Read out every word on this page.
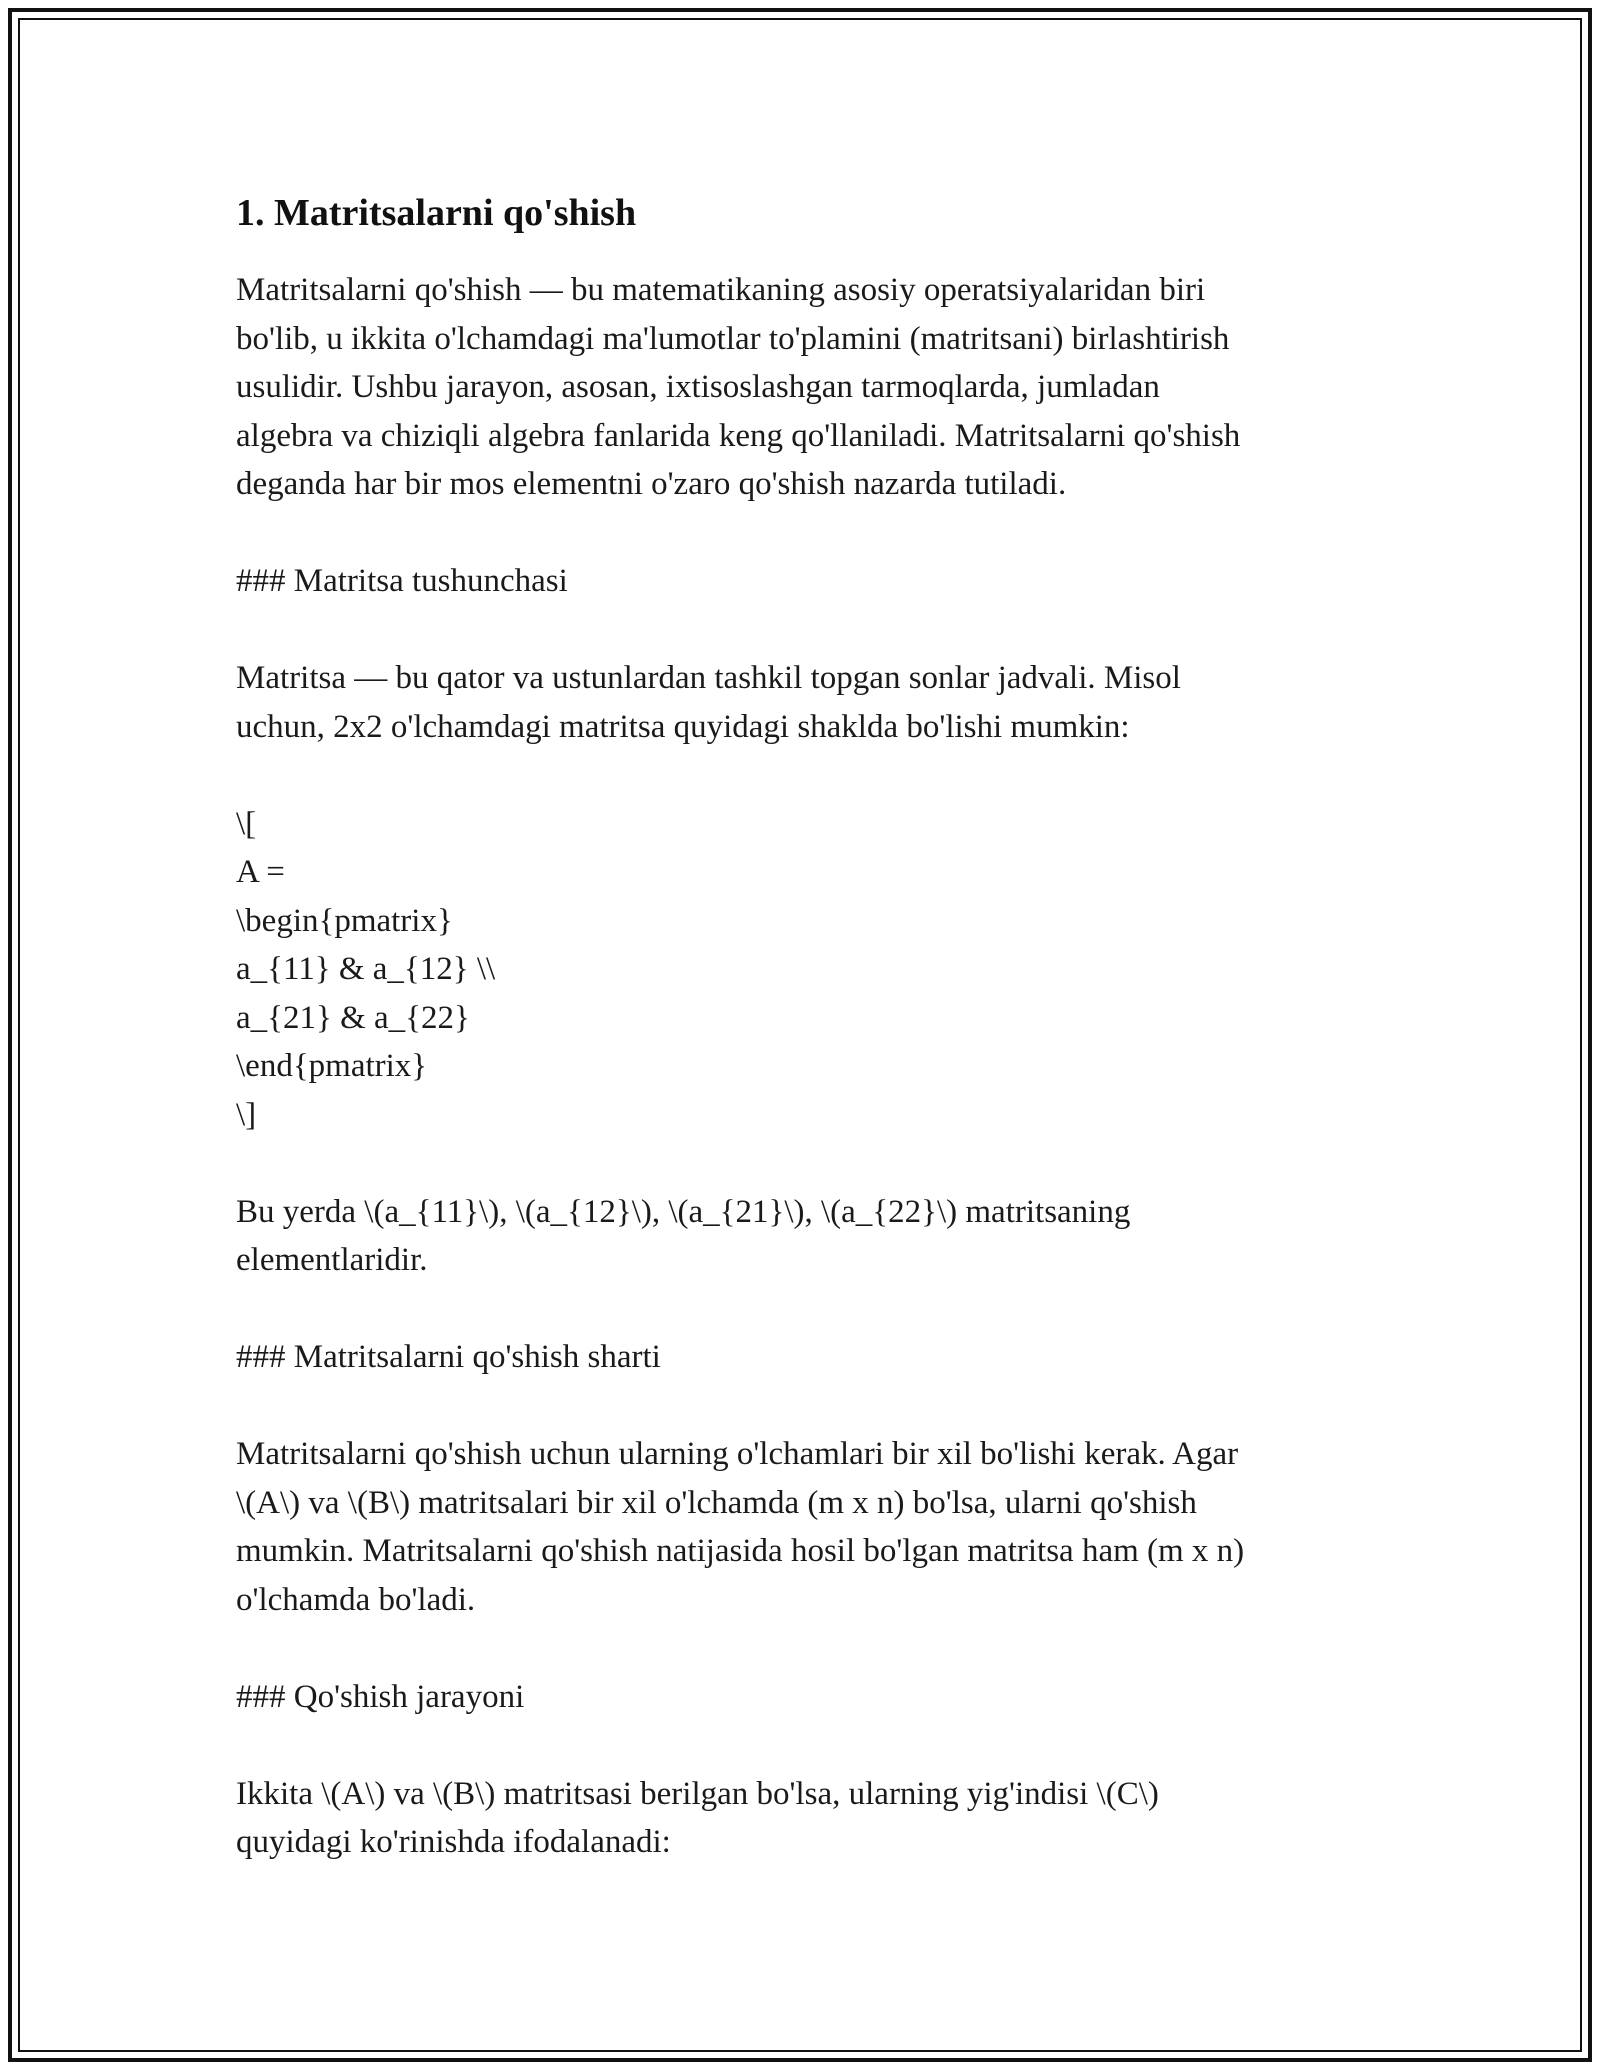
1. Matritsalarni qo'shish
Matritsalarni qo'shish — bu matematikaning asosiy operatsiyalaridan biri
bo'lib, u ikkita o'lchamdagi ma'lumotlar to'plamini (matritsani) birlashtirish
usulidir. Ushbu jarayon, asosan, ixtisoslashgan tarmoqlarda, jumladan
algebra va chiziqli algebra fanlarida keng qo'llaniladi. Matritsalarni qo'shish
deganda har bir mos elementni o'zaro qo'shish nazarda tutiladi.
### Matritsa tushunchasi
Matritsa — bu qator va ustunlardan tashkil topgan sonlar jadvali. Misol
uchun, 2x2 o'lchamdagi matritsa quyidagi shaklda bo'lishi mumkin:
\[
A =
\begin{pmatrix}
a_{11} & a_{12} \\
a_{21} & a_{22}
\end{pmatrix}
\]
Bu yerda \(a_{11}\), \(a_{12}\), \(a_{21}\), \(a_{22}\) matritsaning
elementlaridir.
### Matritsalarni qo'shish sharti
Matritsalarni qo'shish uchun ularning o'lchamlari bir xil bo'lishi kerak. Agar
\(A\) va \(B\) matritsalari bir xil o'lchamda (m x n) bo'lsa, ularni qo'shish
mumkin. Matritsalarni qo'shish natijasida hosil bo'lgan matritsa ham (m x n)
o'lchamda bo'ladi.
### Qo'shish jarayoni
Ikkita \(A\) va \(B\) matritsasi berilgan bo'lsa, ularning yig'indisi \(C\)
quyidagi ko'rinishda ifodalanadi:
